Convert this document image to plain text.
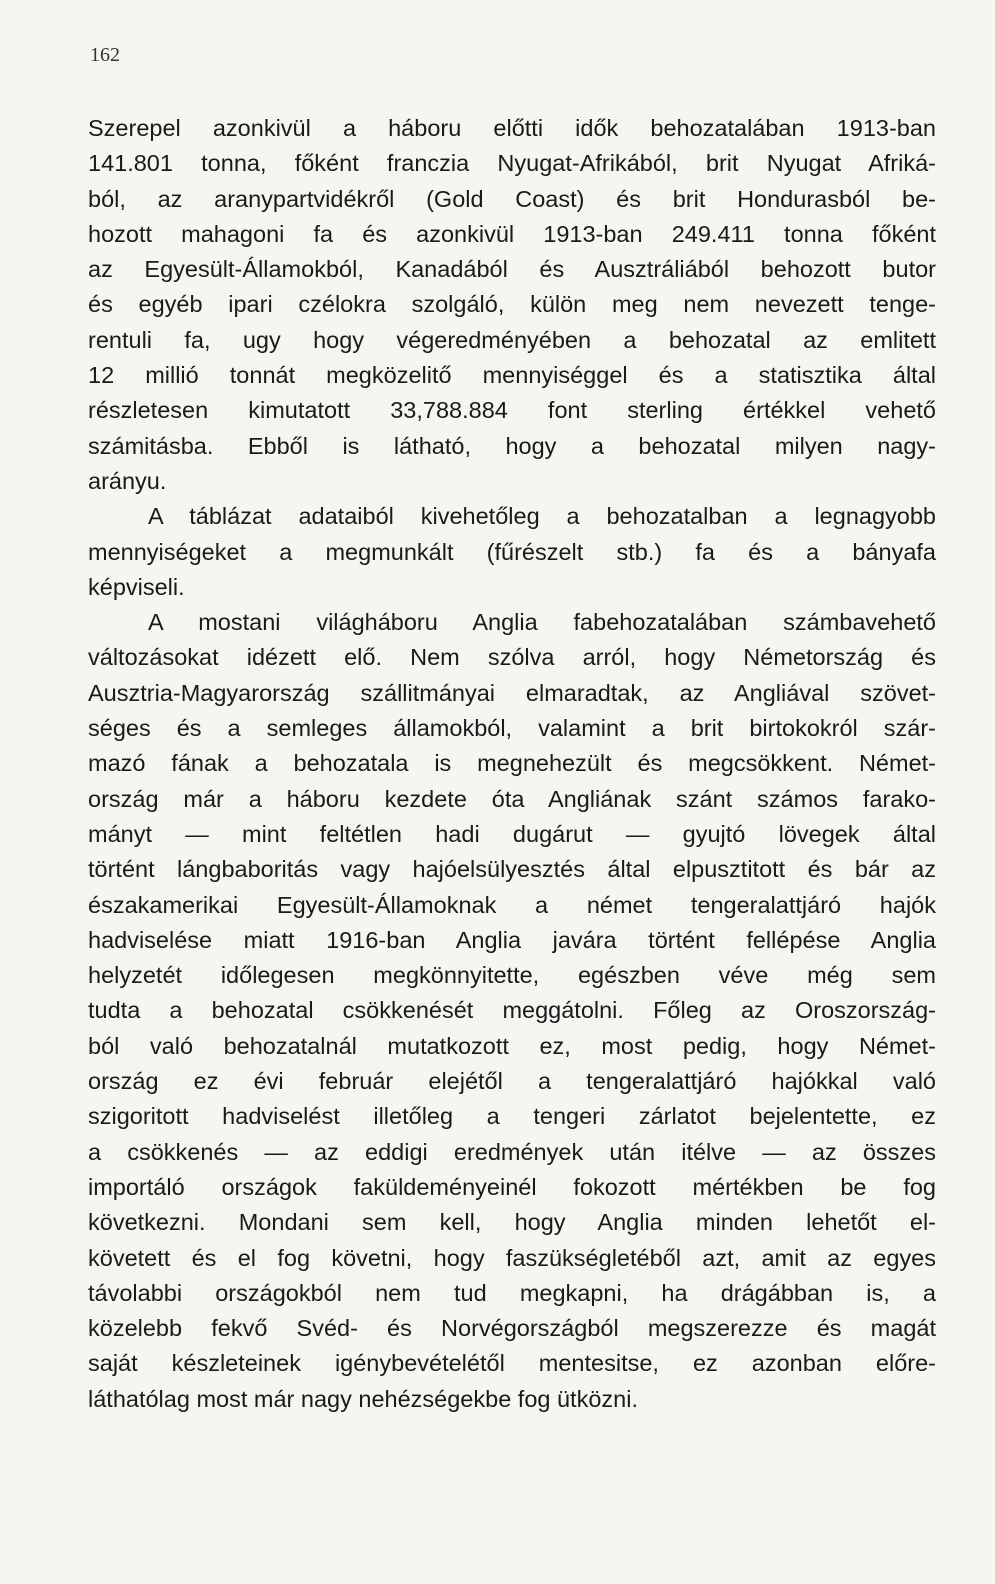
162
Szerepel azonkivül a háboru előtti idők behozatalában 1913-ban
141.801 tonna, főként franczia Nyugat-Afrikából, brit Nyugat Afriká-
ból, az aranypartvidékről (Gold Coast) és brit Hondurasból be-
hozott mahagoni fa és azonkivül 1913-ban 249.411 tonna főként
az Egyesült-Államokból, Kanadából és Ausztráliából behozott butor
és egyéb ipari czélokra szolgáló, külön meg nem nevezett tenge-
rentuli fa, ugy hogy végeredményében a behozatal az emlitett
12 millió tonnát megközelitő mennyiséggel és a statisztika által
részletesen kimutatott 33,788.884 font sterling értékkel vehető
számitásba. Ebből is látható, hogy a behozatal milyen nagy-
arányu.
A táblázat adataiból kivehetőleg a behozatalban a legnagyobb
mennyiségeket a megmunkált (fűrészelt stb.) fa és a bányafa
képviseli.
A mostani világháboru Anglia fabehozatalában számbavehető
változásokat idézett elő. Nem szólva arról, hogy Németország és
Ausztria-Magyarország szállitmányai elmaradtak, az Angliával szövet-
séges és a semleges államokból, valamint a brit birtokokról szár-
mazó fának a behozatala is megnehezült és megcsökkent. Német-
ország már a háboru kezdete óta Angliának szánt számos farako-
mányt — mint feltétlen hadi dugárut — gyujtó lövegek által
történt lángbaboritás vagy hajóelsülyesztés által elpusztitott és bár az
északamerikai Egyesült-Államoknak a német tengeralattjáró hajók
hadviselése miatt 1916-ban Anglia javára történt fellépése Anglia
helyzetét időlegesen megkönnyitette, egészben véve még sem
tudta a behozatal csökkenését meggátolni. Főleg az Oroszország-
ból való behozatalnál mutatkozott ez, most pedig, hogy Német-
ország ez évi február elejétől a tengeralattjáró hajókkal való
szigoritott hadviselést illetőleg a tengeri zárlatot bejelentette, ez
a csökkenés — az eddigi eredmények után itélve — az összes
importáló országok faküldeményeinél fokozott mértékben be fog
következni. Mondani sem kell, hogy Anglia minden lehetőt el-
követett és el fog követni, hogy faszükségletéből azt, amit az egyes
távolabbi országokból nem tud megkapni, ha drágábban is, a
közelebb fekvő Svéd- és Norvégországból megszerezze és magát
saját készleteinek igénybevételétől mentesitse, ez azonban előre-
láthatólag most már nagy nehézségekbe fog ütközni.
